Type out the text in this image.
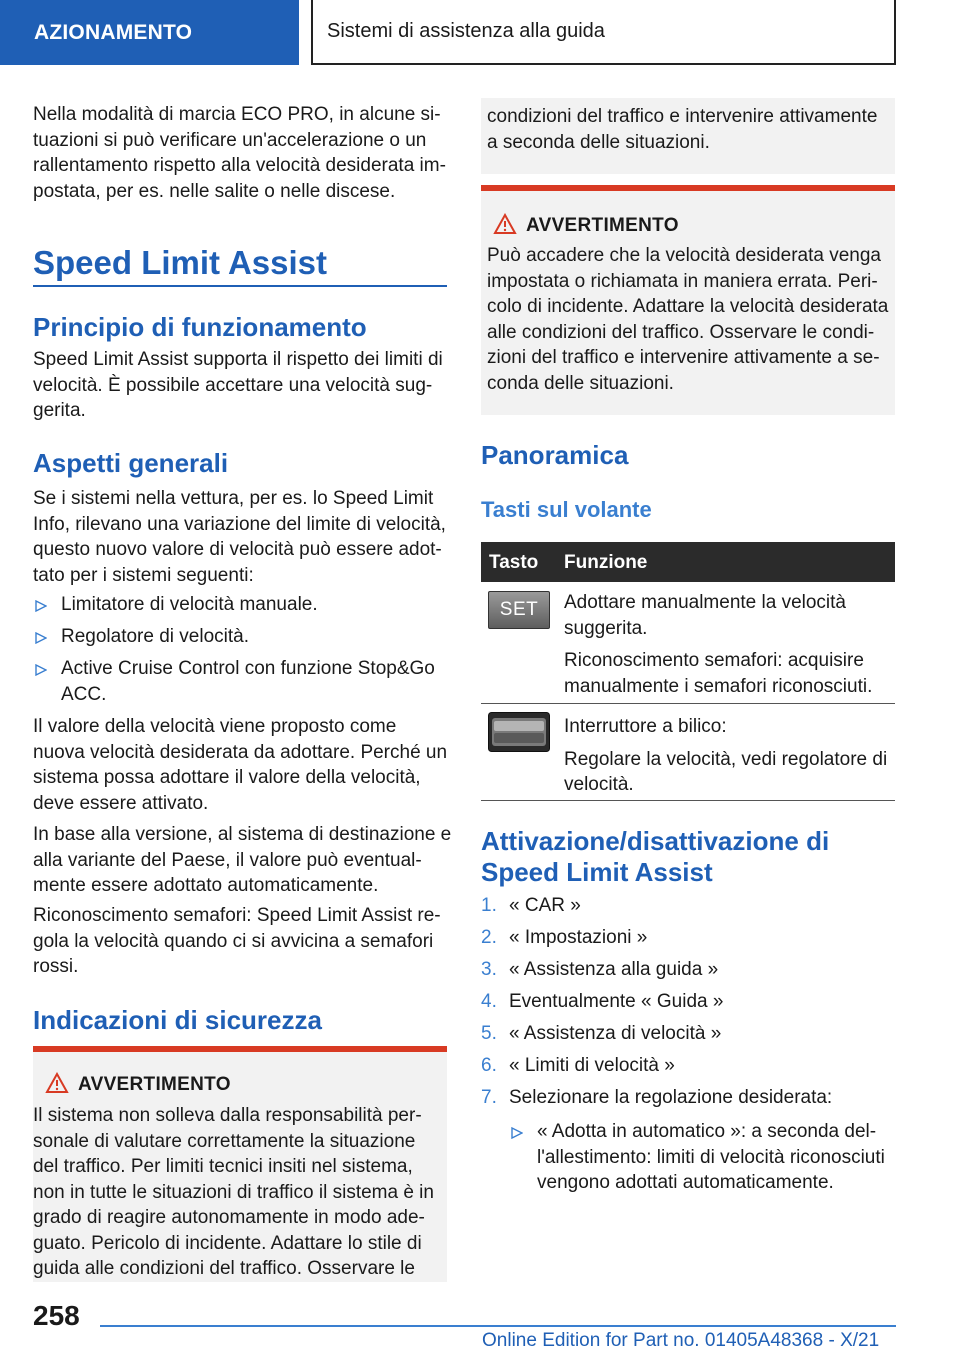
AZIONAMENTO	Sistemi di assistenza alla guida

Nella modalità di marcia ECO PRO, in alcune si-

tuazioni si può verificare un'accelerazione o un

rallentamento rispetto alla velocità desiderata im-

postata, per es. nelle salite o nelle discese.

Speed Limit Assist
Principio di funzionamento

Speed Limit Assist supporta il rispetto dei limiti di

velocità. È possibile accettare una velocità sug-

gerita.

Aspetti generali

Se i sistemi nella vettura, per es. lo Speed Limit

Info, rilevano una variazione del limite di velocità,

questo nuovo valore di velocità può essere adot-

tato per i sistemi seguenti:

Limitatore di velocità manuale.
Regolatore di velocità.
Active Cruise Control con funzione Stop&Go
ACC.

Il valore della velocità viene proposto come

nuova velocità desiderata da adottare. Perché un

sistema possa adottare il valore della velocità,

deve essere attivato.

In base alla versione, al sistema di destinazione e

alla variante del Paese, il valore può eventual-

mente essere adottato automaticamente.

Riconoscimento semafori: Speed Limit Assist re-

gola la velocità quando ci si avvicina a semafori

rossi.

Indicazioni di sicurezza
AVVERTIMENTO

Il sistema non solleva dalla responsabilità per-

sonale di valutare correttamente la situazione

del traffico. Per limiti tecnici insiti nel sistema,

non in tutte le situazioni di traffico il sistema è in

grado di reagire autonomamente in modo ade-

guato. Pericolo di incidente. Adattare lo stile di

guida alle condizioni del traffico. Osservare le

condizioni del traffico e intervenire attivamente

a seconda delle situazioni.

AVVERTIMENTO

Può accadere che la velocità desiderata venga

impostata o richiamata in maniera errata. Peri-

colo di incidente. Adattare la velocità desiderata

alle condizioni del traffico. Osservare le condi-

zioni del traffico e intervenire attivamente a se-

conda delle situazioni.

Panoramica
Tasti sul volante
Tasto Funzione
SET Adottare manualmente la velocità

suggerita.

Riconoscimento semafori: acquisire

manualmente i semafori riconosciuti.

Interruttore a bilico:

Regolare la velocità, vedi regolatore di

velocità.

Attivazione/disattivazione di
Speed Limit Assist
1. « CAR »
2. « Impostazioni »
3. « Assistenza alla guida »
4. Eventualmente « Guida »
5. « Assistenza di velocità »
6. « Limiti di velocità »
7. Selezionare la regolazione desiderata:

« Adotta in automatico »: a seconda del-

l'allestimento: limiti di velocità riconosciuti

vengono adottati automaticamente.

258
Online Edition for Part no. 01405A48368 - X/21
